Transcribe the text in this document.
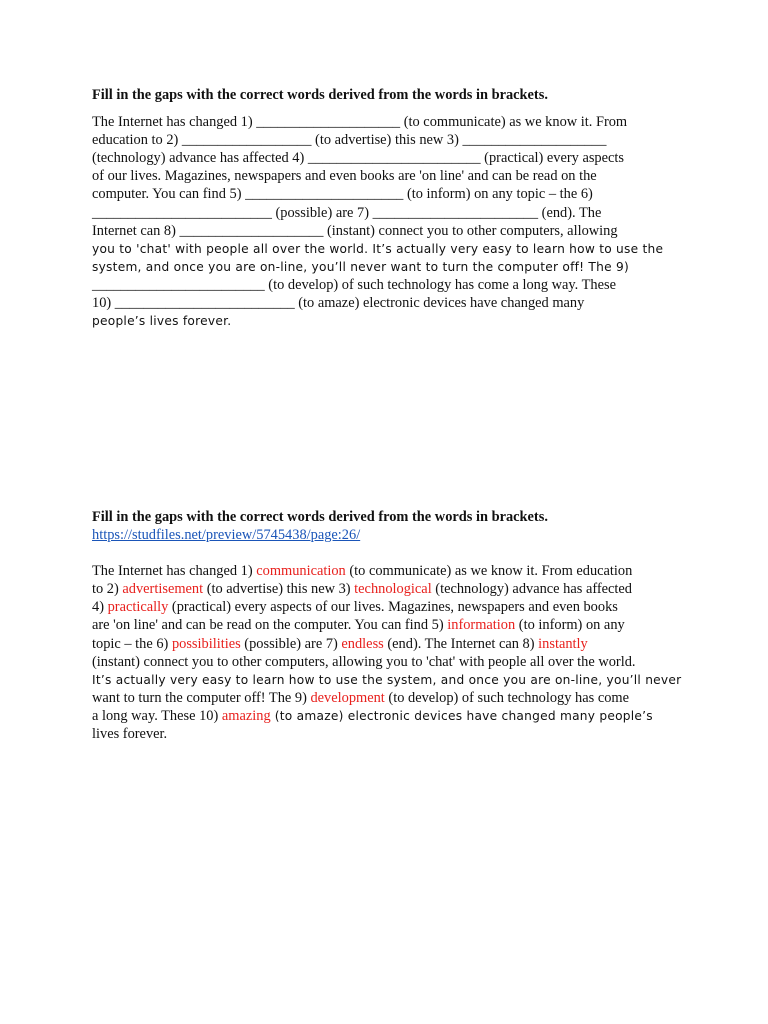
Fill in the gaps with the correct words derived from the words in brackets.

The Internet has changed 1) ____________________ (to communicate) as we know it. From
education to 2) __________________ (to advertise) this new 3) ____________________
(technology) advance has affected 4) ________________________ (practical) every aspects
of our lives. Magazines, newspapers and even books are 'on line' and can be read on the
computer. You can find 5) ______________________ (to inform) on any topic – the 6)
_________________________ (possible) are 7) _______________________ (end). The
Internet can 8) ____________________ (instant) connect you to other computers, allowing
you to 'chat' with people all over the world. It’s actually very easy to learn how to use the
system, and once you are on-line, you’ll never want to turn the computer off! The 9)
________________________ (to develop) of such technology has come a long way. These
10) _________________________ (to amaze) electronic devices have changed many
people’s lives forever.

Fill in the gaps with the correct words derived from the words in brackets.

https://studfiles.net/preview/5745438/page:26/
The Internet has changed 1) communication (to communicate) as we know it. From education
to 2) advertisement (to advertise) this new 3) technological (technology) advance has affected
4) practically (practical) every aspects of our lives. Magazines, newspapers and even books
are 'on line' and can be read on the computer. You can find 5) information (to inform) on any
topic – the 6) possibilities (possible) are 7) endless (end). The Internet can 8) instantly
(instant) connect you to other computers, allowing you to 'chat' with people all over the world.
It’s actually very easy to learn how to use the system, and once you are on-line, you’ll never
want to turn the computer off! The 9) development (to develop) of such technology has come
a long way. These 10) amazing (to amaze) electronic devices have changed many people’s
lives forever.
